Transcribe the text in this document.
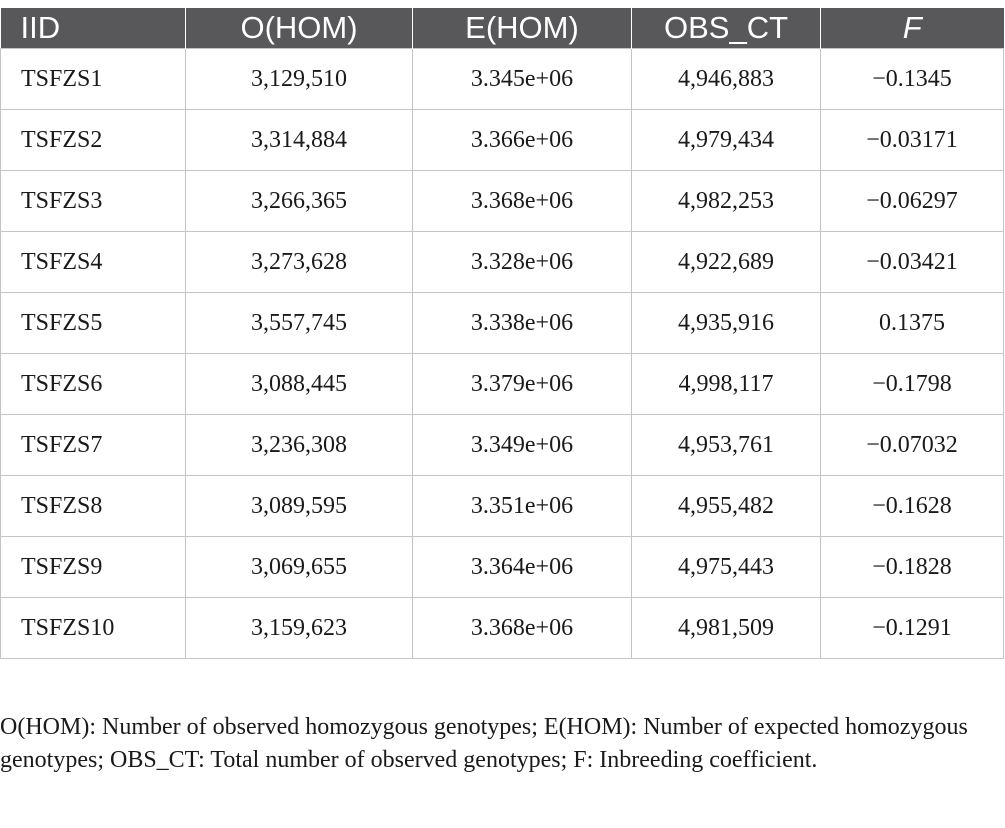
IID	O(HOM)	E(HOM)	OBS_CT	F
TSFZS1	3,129,510	3.345e+06	4,946,883	−0.1345
TSFZS2	3,314,884	3.366e+06	4,979,434	−0.03171
TSFZS3	3,266,365	3.368e+06	4,982,253	−0.06297
TSFZS4	3,273,628	3.328e+06	4,922,689	−0.03421
TSFZS5	3,557,745	3.338e+06	4,935,916	0.1375
TSFZS6	3,088,445	3.379e+06	4,998,117	−0.1798
TSFZS7	3,236,308	3.349e+06	4,953,761	−0.07032
TSFZS8	3,089,595	3.351e+06	4,955,482	−0.1628
TSFZS9	3,069,655	3.364e+06	4,975,443	−0.1828
TSFZS10	3,159,623	3.368e+06	4,981,509	−0.1291

O(HOM): Number of observed homozygous genotypes; E(HOM): Number of expected homozygous genotypes; OBS_CT: Total number of observed genotypes; F: Inbreeding coefficient.
